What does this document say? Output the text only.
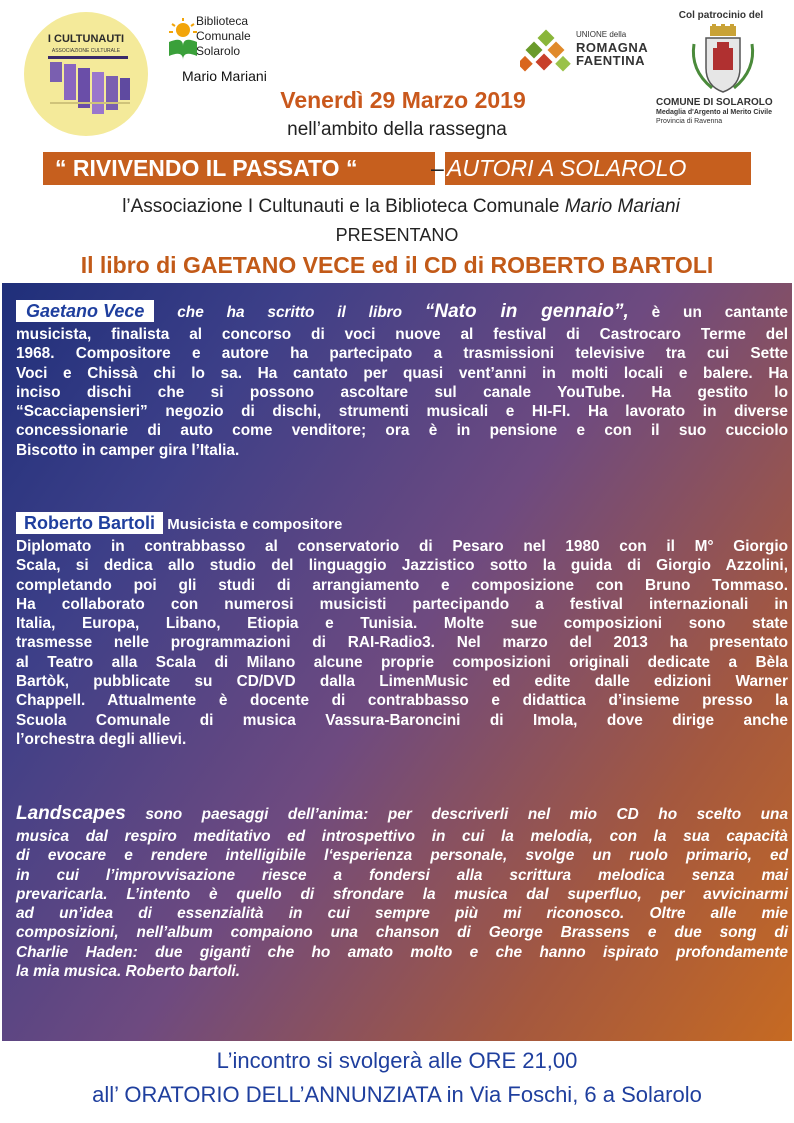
I CULTUNAUTI
ASSOCIAZIONE CULTURALE
Biblioteca
Comunale
Solarolo
Mario Mariani
UNIONE della
ROMAGNA
FAENTINA
Col patrocinio del
COMUNE DI SOLAROLO
Medaglia d'Argento al Merito Civile
Provincia di Ravenna
Venerdì 29 Marzo 2019
nell’ambito della rassegna
“ RIVIVENDO IL PASSATO “	– AUTORI A SOLAROLO
l’Associazione I Cultunauti e la Biblioteca Comunale Mario Mariani
PRESENTANO
Il libro di GAETANO VECE ed il CD di ROBERTO BARTOLI
Gaetano Vece che ha scritto il libro “Nato in gennaio”, è un cantante
musicista, finalista al concorso di voci nuove al festival di Castrocaro Terme del
1968. Compositore e autore ha partecipato a trasmissioni televisive tra cui Sette
Voci e Chissà chi lo sa. Ha cantato per quasi vent’anni in molti locali e balere. Ha
inciso dischi che si possono ascoltare sul canale YouTube. Ha gestito lo
“Scacciapensieri” negozio di dischi, strumenti musicali e HI-FI. Ha lavorato in diverse
concessionarie di auto come venditore; ora è in pensione e con il suo cucciolo
Biscotto in camper gira l’Italia.
Roberto Bartoli Musicista e compositore
Diplomato in contrabbasso al conservatorio di Pesaro nel 1980 con il M° Giorgio
Scala, si dedica allo studio del linguaggio Jazzistico sotto la guida di Giorgio Azzolini,
completando poi gli studi di arrangiamento e composizione con Bruno Tommaso.
Ha collaborato con numerosi musicisti partecipando a festival internazionali in
Italia, Europa, Libano, Etiopia e Tunisia. Molte sue composizioni sono state
trasmesse nelle programmazioni di RAI-Radio3. Nel marzo del 2013 ha presentato
al Teatro alla Scala di Milano alcune proprie composizioni originali dedicate a Bèla
Bartòk, pubblicate su CD/DVD dalla LimenMusic ed edite dalle edizioni Warner
Chappell. Attualmente è docente di contrabbasso e didattica d’insieme presso la
Scuola Comunale di musica Vassura-Baroncini di Imola, dove dirige anche
l’orchestra degli allievi.
Landscapes sono paesaggi dell’anima: per descriverli nel mio CD ho scelto una
musica dal respiro meditativo ed introspettivo in cui la melodia, con la sua capacità
di evocare e rendere intelligibile l‘esperienza personale, svolge un ruolo primario, ed
in cui l’improvvisazione riesce a fondersi alla scrittura melodica senza mai
prevaricarla. L’intento è quello di sfrondare la musica dal superfluo, per avvicinarmi
ad un’idea di essenzialità in cui sempre più mi riconosco. Oltre alle mie
composizioni, nell’album compaiono una chanson di George Brassens e due song di
Charlie Haden: due giganti che ho amato molto e che hanno ispirato profondamente
la mia musica. Roberto bartoli.
L’incontro si svolgerà alle ORE 21,00
all’ ORATORIO DELL’ANNUNZIATA in Via Foschi, 6 a Solarolo
